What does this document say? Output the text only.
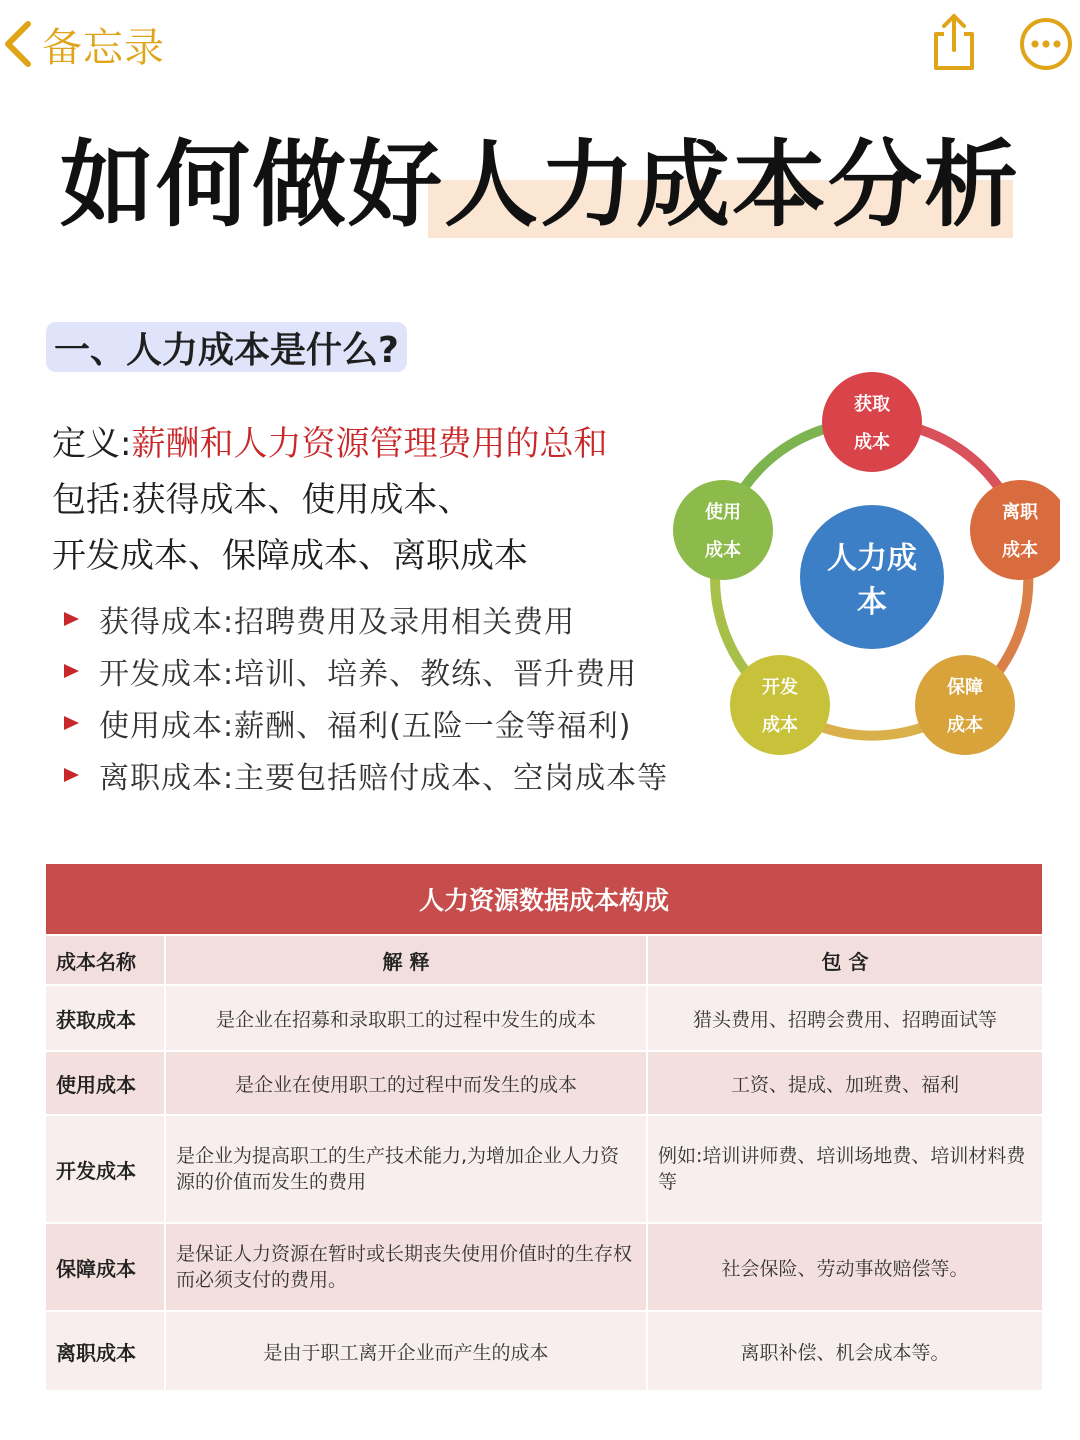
备忘录
如何做好人力成本分析
一、人力成本是什么?
定义:薪酬和人力资源管理费用的总和
包括:获得成本、使用成本、
开发成本、保障成本、离职成本
获得成本:招聘费用及录用相关费用
开发成本:培训、培养、教练、晋升费用
使用成本:薪酬、福利(五险一金等福利)
离职成本:主要包括赔付成本、空岗成本等
人力成
本
获取
成本
离职
成本
保障
成本
开发
成本
使用
成本
人力资源数据成本构成		
成本名称	解 释	包 含
获取成本	是企业在招募和录取职工的过程中发生的成本	猎头费用、招聘会费用、招聘面试等
使用成本	是企业在使用职工的过程中而发生的成本	工资、提成、加班费、福利
开发成本	是企业为提高职工的生产技术能力,为增加企业人力资源的价值而发生的费用	例如:培训讲师费、培训场地费、培训材料费等
保障成本	是保证人力资源在暂时或长期丧失使用价值时的生存权而必须支付的费用。	社会保险、劳动事故赔偿等。
离职成本	是由于职工离开企业而产生的成本	离职补偿、机会成本等。
